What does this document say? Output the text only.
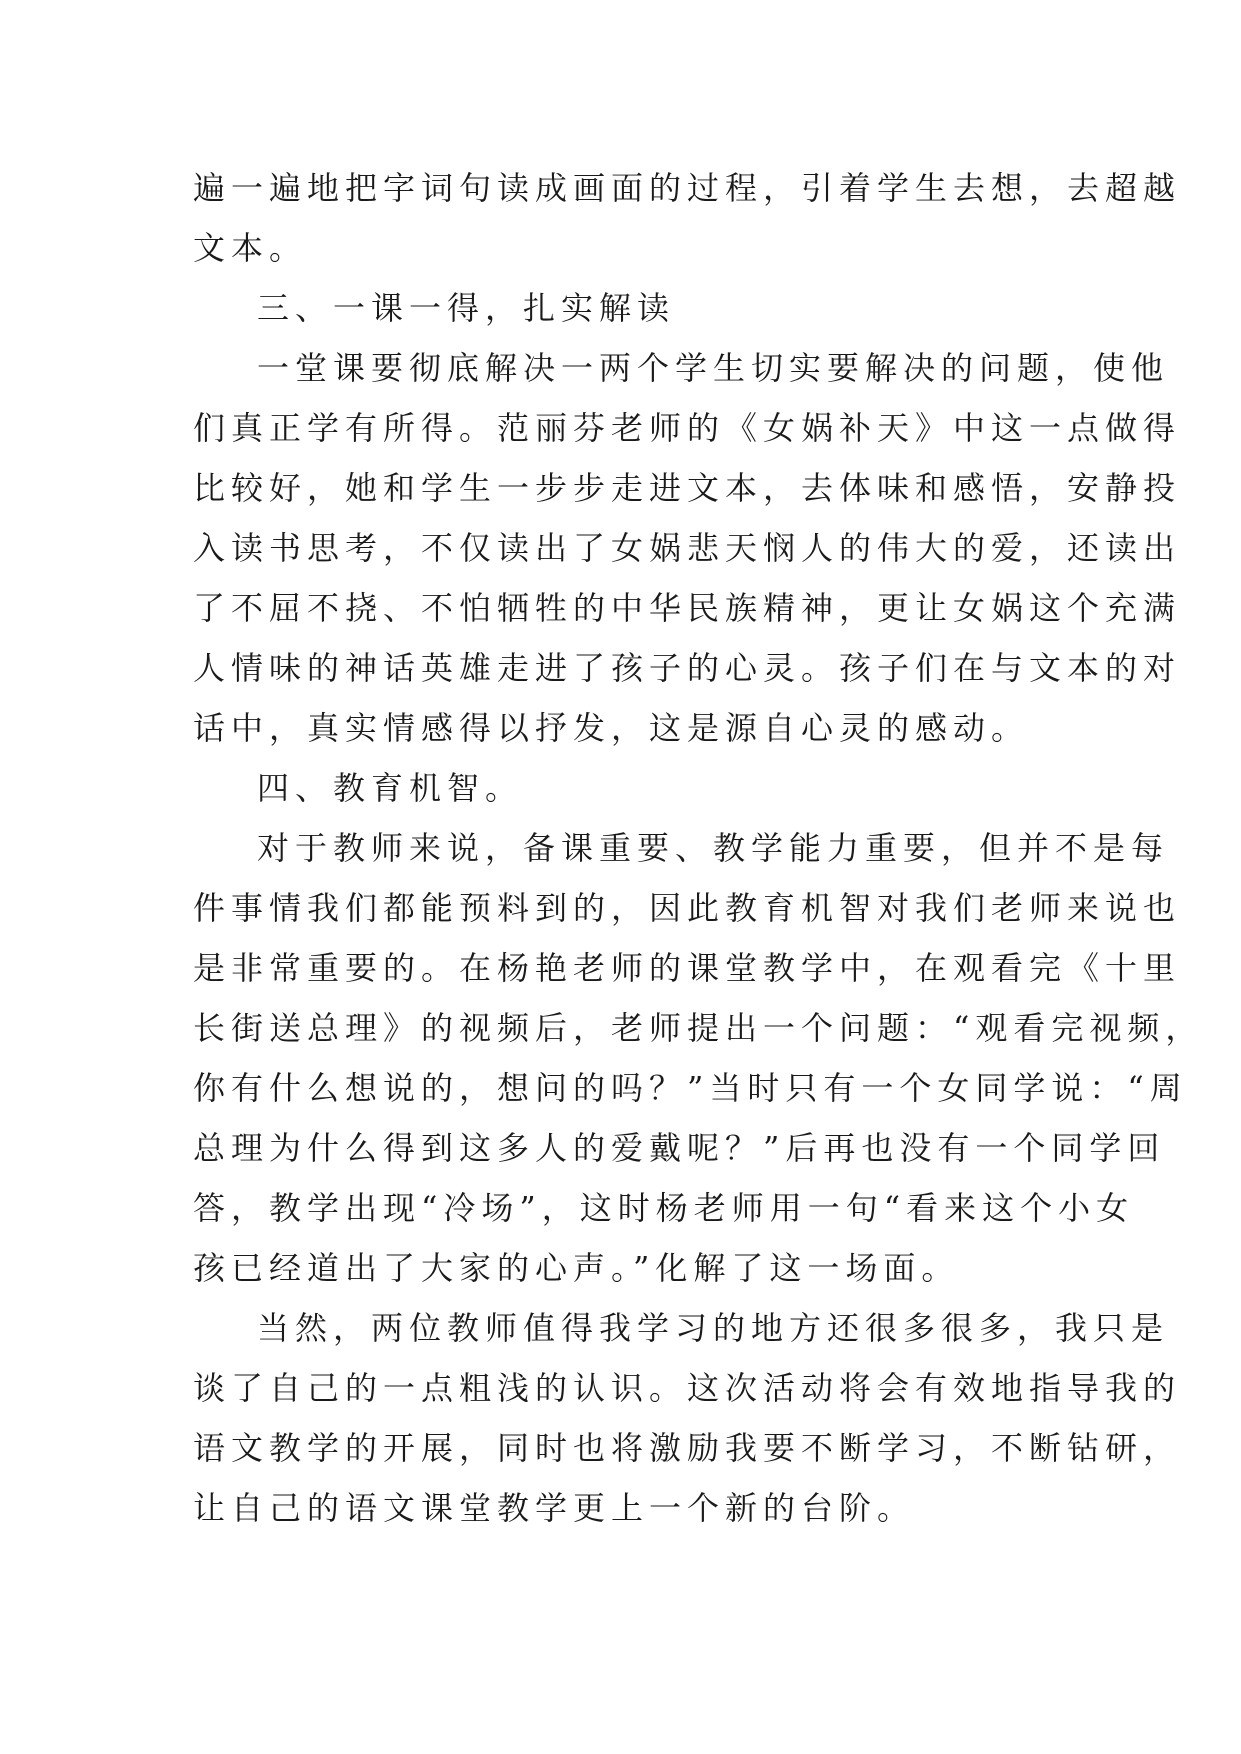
遍一遍地把字词句读成画面的过程，引着学生去想，去超越
文本。
三、一课一得，扎实解读
一堂课要彻底解决一两个学生切实要解决的问题，使他
们真正学有所得。范丽芬老师的《女娲补天》中这一点做得
比较好，她和学生一步步走进文本，去体味和感悟，安静投
入读书思考，不仅读出了女娲悲天悯人的伟大的爱，还读出
了不屈不挠、不怕牺牲的中华民族精神，更让女娲这个充满
人情味的神话英雄走进了孩子的心灵。孩子们在与文本的对
话中，真实情感得以抒发，这是源自心灵的感动。
四、教育机智。
对于教师来说，备课重要、教学能力重要，但并不是每
件事情我们都能预料到的，因此教育机智对我们老师来说也
是非常重要的。在杨艳老师的课堂教学中，在观看完《十里
长街送总理》的视频后，老师提出一个问题：“观看完视频，
你有什么想说的，想问的吗？”当时只有一个女同学说：“周
总理为什么得到这多人的爱戴呢？”后再也没有一个同学回
答，教学出现“冷场”，这时杨老师用一句“看来这个小女
孩已经道出了大家的心声。”化解了这一场面。
当然，两位教师值得我学习的地方还很多很多，我只是
谈了自己的一点粗浅的认识。这次活动将会有效地指导我的
语文教学的开展，同时也将激励我要不断学习，不断钻研，
让自己的语文课堂教学更上一个新的台阶。
